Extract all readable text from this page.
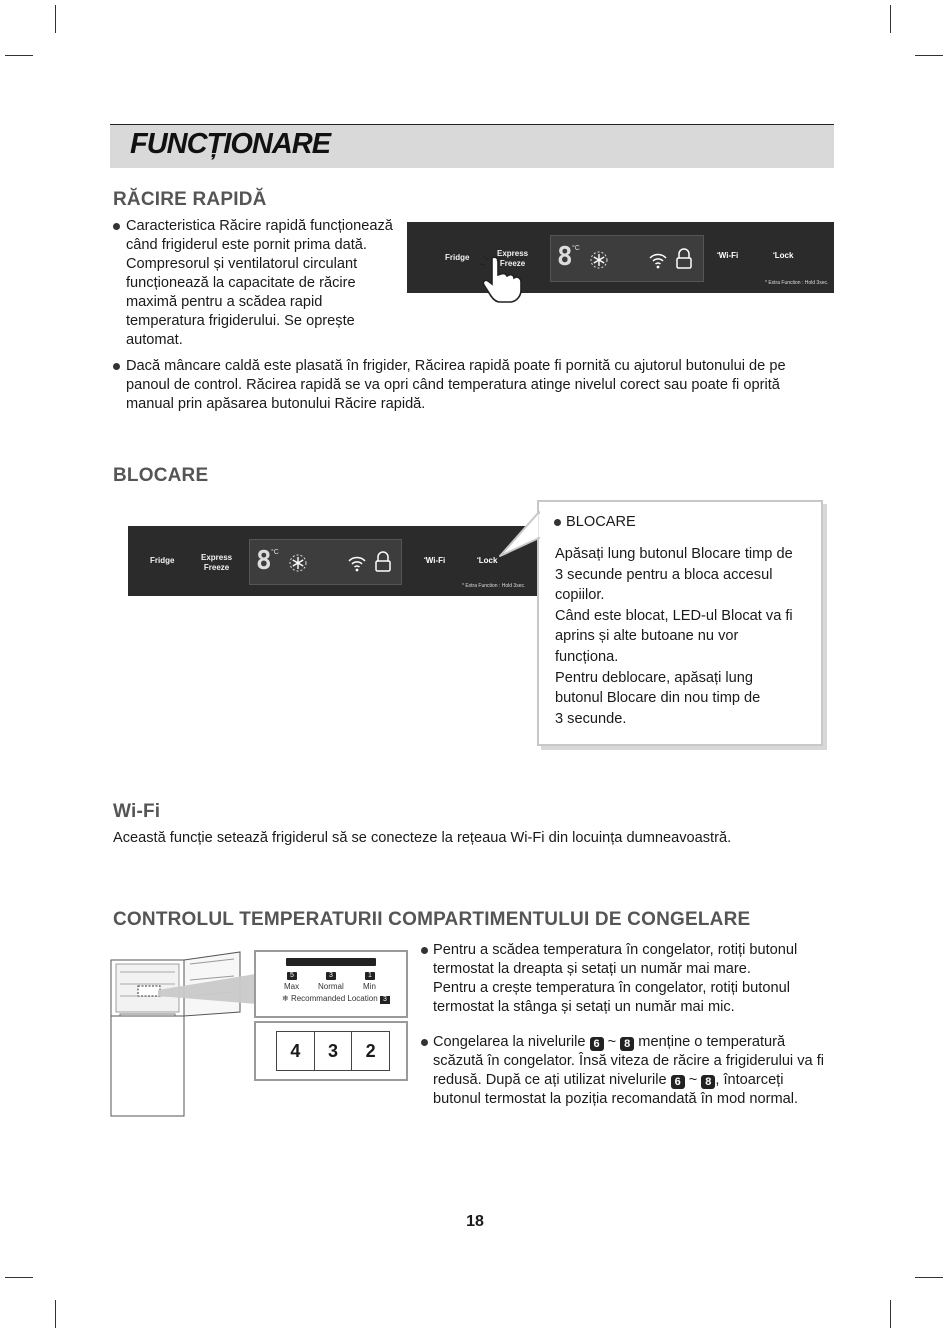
FUNCȚIONARE
RĂCIRE RAPIDĂ
Caracteristica Răcire rapidă funcționează
când frigiderul este pornit prima dată.
Compresorul și ventilatorul circulant
funcționează la capacitate de răcire
maximă pentru a scădea rapid
temperatura frigiderului. Se oprește
automat.
Fridge	Express
Freeze 8 °C
•Wi-Fi	•Lock
* Extra Function : Hold 3sec.
Dacă mâncare caldă este plasată în frigider, Răcirea rapidă poate fi pornită cu ajutorul butonului de pe
panoul de control. Răcirea rapidă se va opri când temperatura atinge nivelul corect sau poate fi oprită
manual prin apăsarea butonului Răcire rapidă.
BLOCARE
Fridge	Express
Freeze 8 °C
•Wi-Fi	•Lock
* Extra Function : Hold 3sec.
BLOCARE
Apăsați lung butonul Blocare timp de
3 secunde pentru a bloca accesul
copiilor.
Când este blocat, LED-ul Blocat va fi
aprins și alte butoane nu vor
funcționa.
Pentru deblocare, apăsați lung
butonul Blocare din nou timp de
3 secunde.
Wi-Fi
Această funcție setează frigiderul să se conecteze la rețeaua Wi-Fi din locuința dumneavoastră.
CONTROLUL TEMPERATURII COMPARTIMENTULUI DE CONGELARE
5	3	1
Max Normal Min
❄ Recommanded Location 3
4	3	2
Pentru a scădea temperatura în congelator, rotiți butonul
termostat la dreapta și setați un număr mai mare.
Pentru a crește temperatura în congelator, rotiți butonul
termostat la stânga și setați un număr mai mic.
Congelarea la nivelurile 6 ~ 8 menține o temperatură
scăzută în congelator. Însă viteza de răcire a frigiderului va fi
redusă. După ce ați utilizat nivelurile 6 ~ 8 , întoarceți
butonul termostat la poziția recomandată în mod normal.
18
